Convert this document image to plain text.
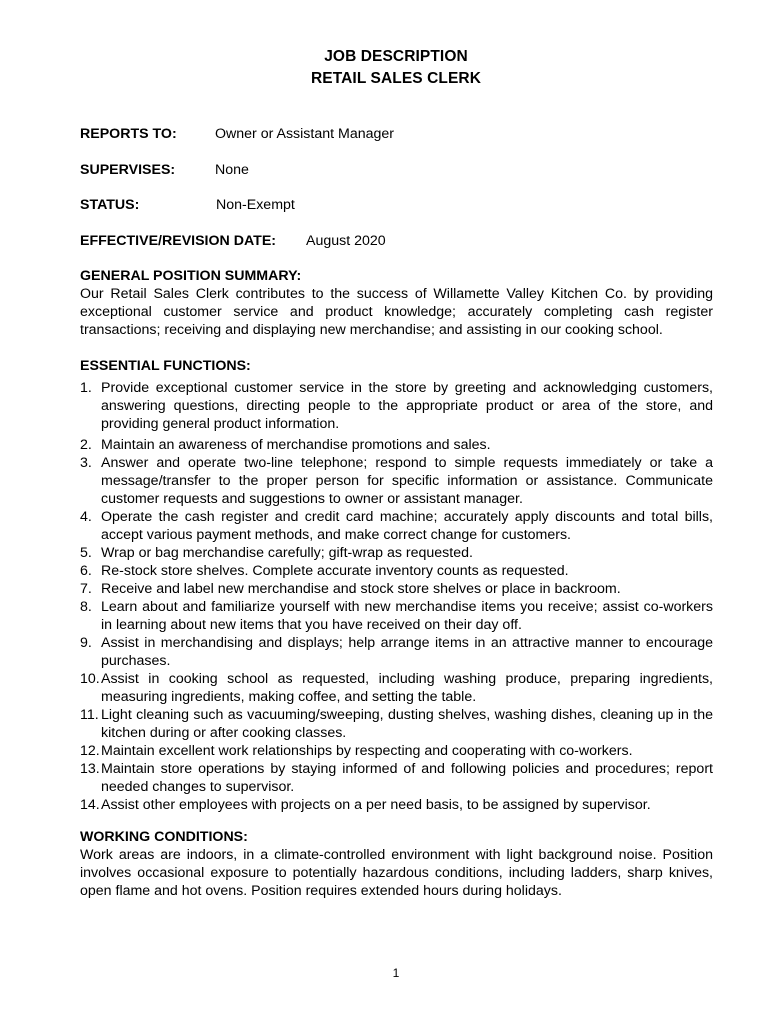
JOB DESCRIPTION
RETAIL SALES CLERK
REPORTS TO:	Owner or Assistant Manager
SUPERVISES:	None
STATUS:	Non-Exempt
EFFECTIVE/REVISION DATE: August 2020
GENERAL POSITION SUMMARY:
Our Retail Sales Clerk contributes to the success of Willamette Valley Kitchen Co. by providing exceptional customer service and product knowledge; accurately completing cash register transactions; receiving and displaying new merchandise; and assisting in our cooking school.
ESSENTIAL FUNCTIONS:
1. Provide exceptional customer service in the store by greeting and acknowledging customers, answering questions, directing people to the appropriate product or area of the store, and providing general product information.
2. Maintain an awareness of merchandise promotions and sales.
3. Answer and operate two-line telephone; respond to simple requests immediately or take a message/transfer to the proper person for specific information or assistance. Communicate customer requests and suggestions to owner or assistant manager.
4. Operate the cash register and credit card machine; accurately apply discounts and total bills, accept various payment methods, and make correct change for customers.
5. Wrap or bag merchandise carefully; gift-wrap as requested.
6. Re-stock store shelves. Complete accurate inventory counts as requested.
7. Receive and label new merchandise and stock store shelves or place in backroom.
8. Learn about and familiarize yourself with new merchandise items you receive; assist co-workers in learning about new items that you have received on their day off.
9. Assist in merchandising and displays; help arrange items in an attractive manner to encourage purchases.
10. Assist in cooking school as requested, including washing produce, preparing ingredients, measuring ingredients, making coffee, and setting the table.
11. Light cleaning such as vacuuming/sweeping, dusting shelves, washing dishes, cleaning up in the kitchen during or after cooking classes.
12. Maintain excellent work relationships by respecting and cooperating with co-workers.
13. Maintain store operations by staying informed of and following policies and procedures; report needed changes to supervisor.
14. Assist other employees with projects on a per need basis, to be assigned by supervisor.
WORKING CONDITIONS:
Work areas are indoors, in a climate-controlled environment with light background noise. Position involves occasional exposure to potentially hazardous conditions, including ladders, sharp knives, open flame and hot ovens. Position requires extended hours during holidays.
1
